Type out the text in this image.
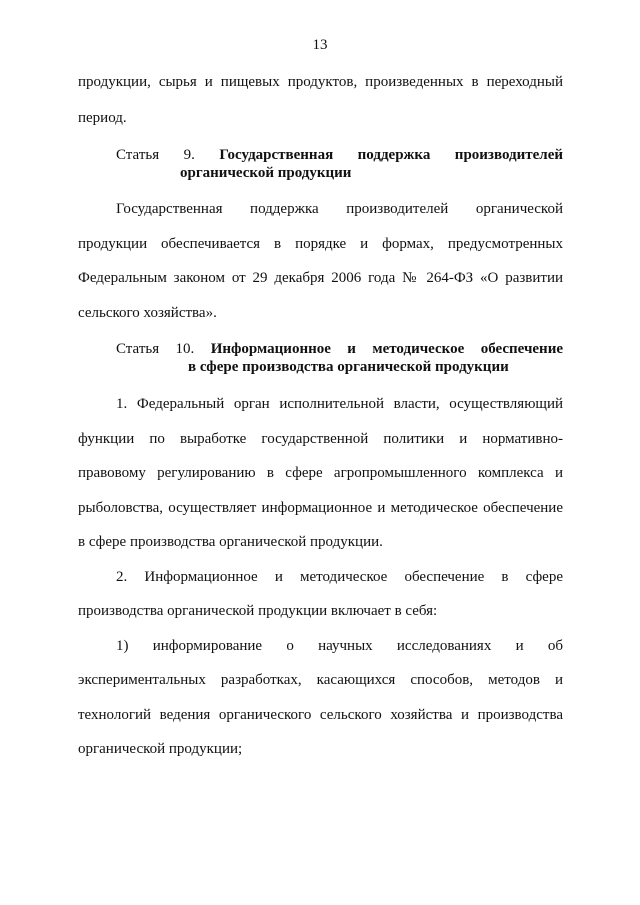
13
продукции, сырья и пищевых продуктов, произведенных в переходный
период.
Статья 9. Государственная поддержка производителей
органической продукции
Государственная поддержка производителей органической
продукции обеспечивается в порядке и формах, предусмотренных
Федеральным законом от 29 декабря 2006 года № 264-ФЗ «О развитии
сельского хозяйства».
Статья 10. Информационное и методическое обеспечение
в сфере производства органической продукции
1. Федеральный орган исполнительной власти, осуществляющий
функции по выработке государственной политики и нормативно-
правовому регулированию в сфере агропромышленного комплекса и
рыболовства, осуществляет информационное и методическое обеспечение
в сфере производства органической продукции.
2. Информационное и методическое обеспечение в сфере
производства органической продукции включает в себя:
1) информирование о научных исследованиях и об
экспериментальных разработках, касающихся способов, методов и
технологий ведения органического сельского хозяйства и производства
органической продукции;
